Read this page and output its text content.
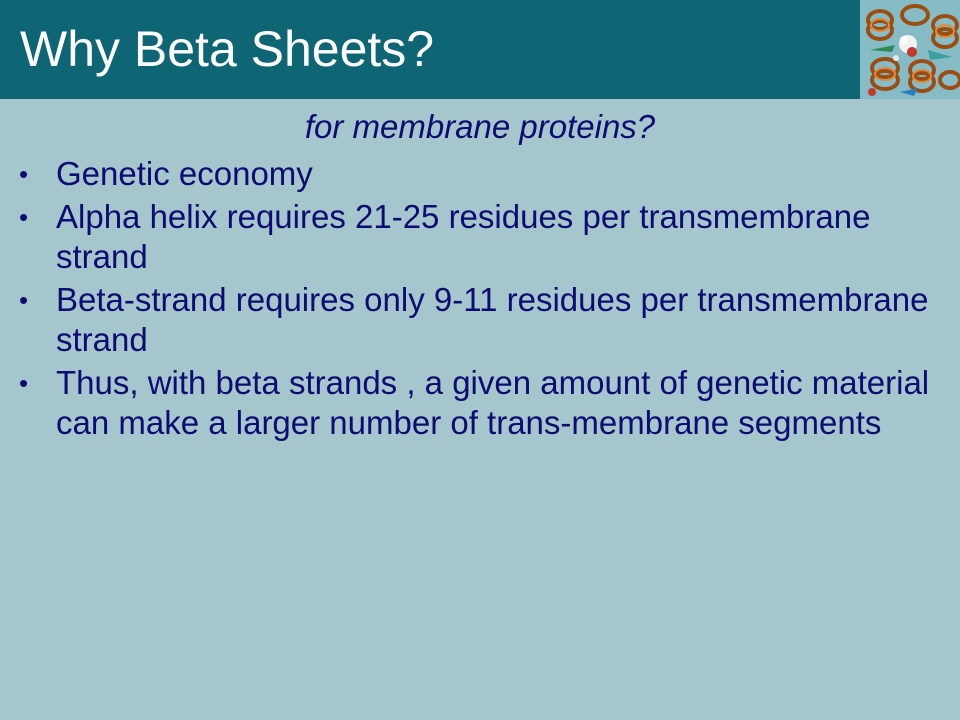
Why Beta Sheets?

for membrane proteins?

• Genetic economy
• Alpha helix requires 21-25 residues per transmembrane strand
• Beta-strand requires only 9-11 residues per transmembrane strand
• Thus, with beta strands , a given amount of genetic material can make a larger number of trans-membrane segments
